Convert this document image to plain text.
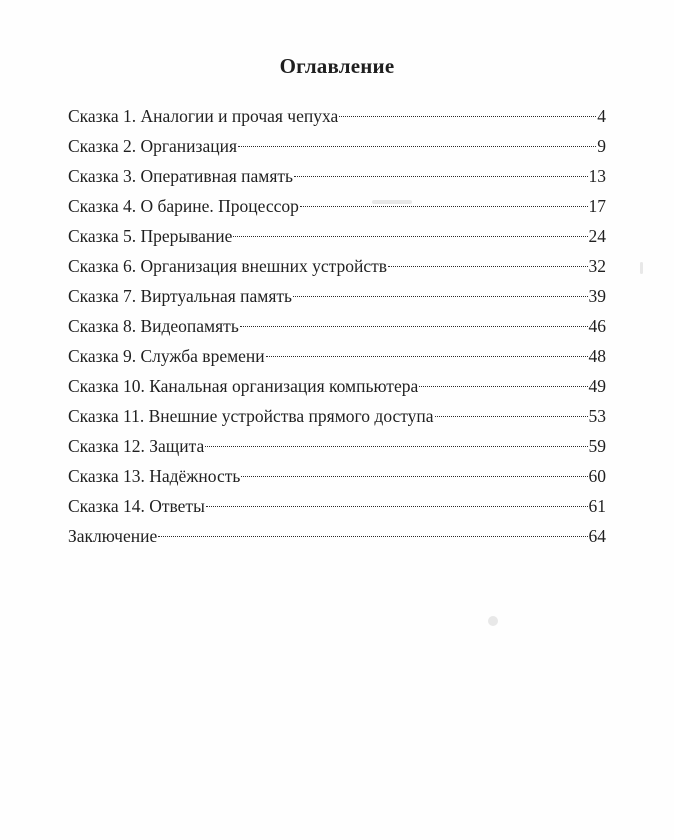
Оглавление
Сказка 1. Аналогии и прочая чепуха	4
Сказка 2. Организация	9
Сказка 3. Оперативная память	13
Сказка 4. О барине. Процессор	17
Сказка 5. Прерывание	24
Сказка 6. Организация внешних устройств	32
Сказка 7. Виртуальная память	39
Сказка 8. Видеопамять	46
Сказка 9. Служба времени	48
Сказка 10. Канальная организация компьютера	49
Сказка 11. Внешние устройства прямого доступа	53
Сказка 12. Защита	59
Сказка 13. Надёжность	60
Сказка 14. Ответы	61
Заключение	64
